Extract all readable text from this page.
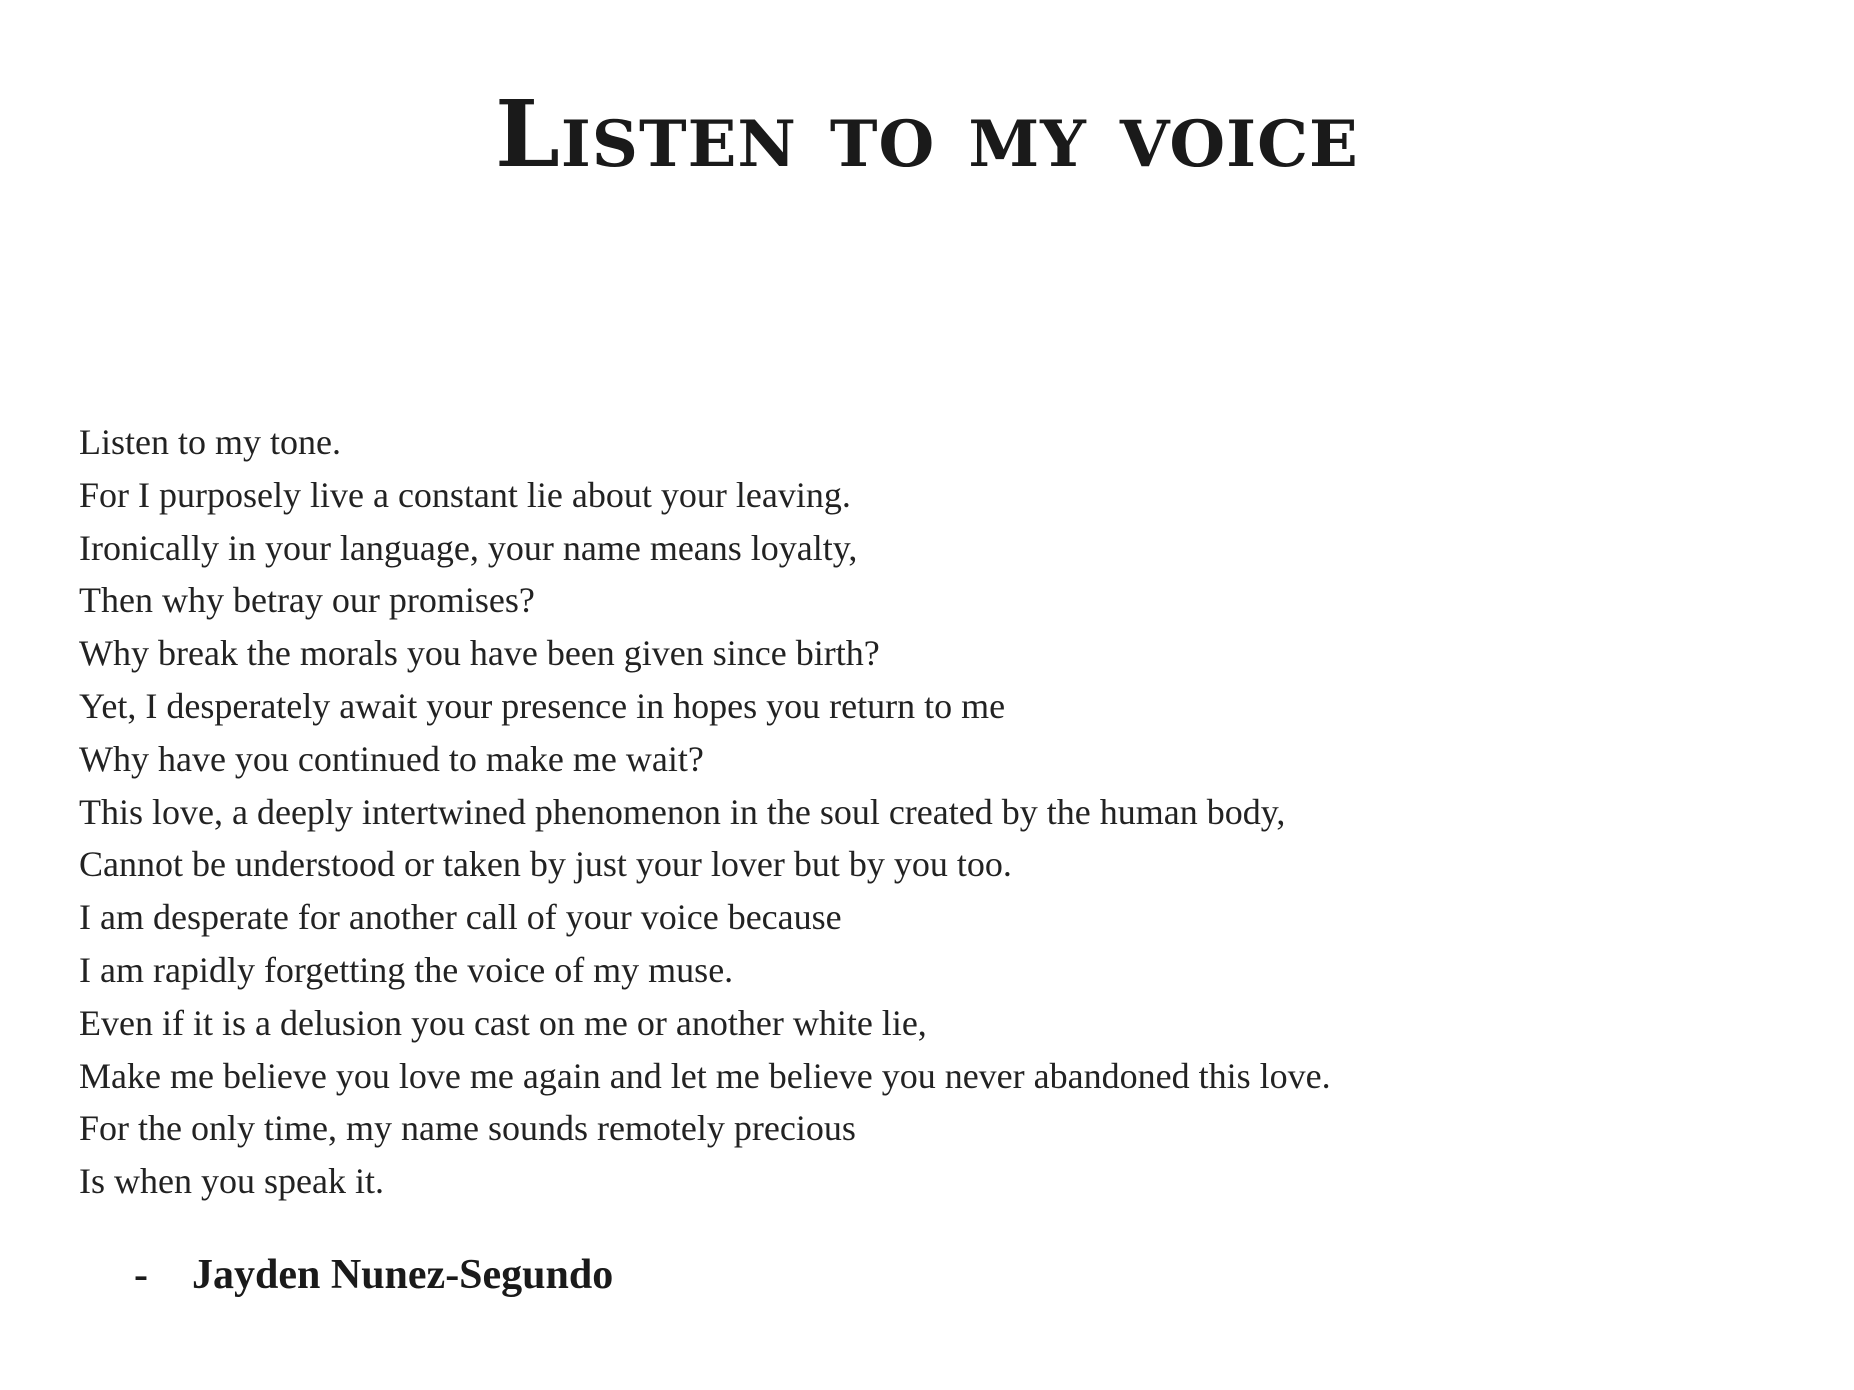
Listen to my voice
Listen to my tone.
For I purposely live a constant lie about your leaving.
Ironically in your language, your name means loyalty,
Then why betray our promises?
Why break the morals you have been given since birth?
Yet, I desperately await your presence in hopes you return to me
Why have you continued to make me wait?
This love, a deeply intertwined phenomenon in the soul created by the human body,
Cannot be understood or taken by just your lover but by you too.
I am desperate for another call of your voice because
I am rapidly forgetting the voice of my muse.
Even if it is a delusion you cast on me or another white lie,
Make me believe you love me again and let me believe you never abandoned this love.
For the only time, my name sounds remotely precious
Is when you speak it.
-	Jayden Nunez-Segundo
